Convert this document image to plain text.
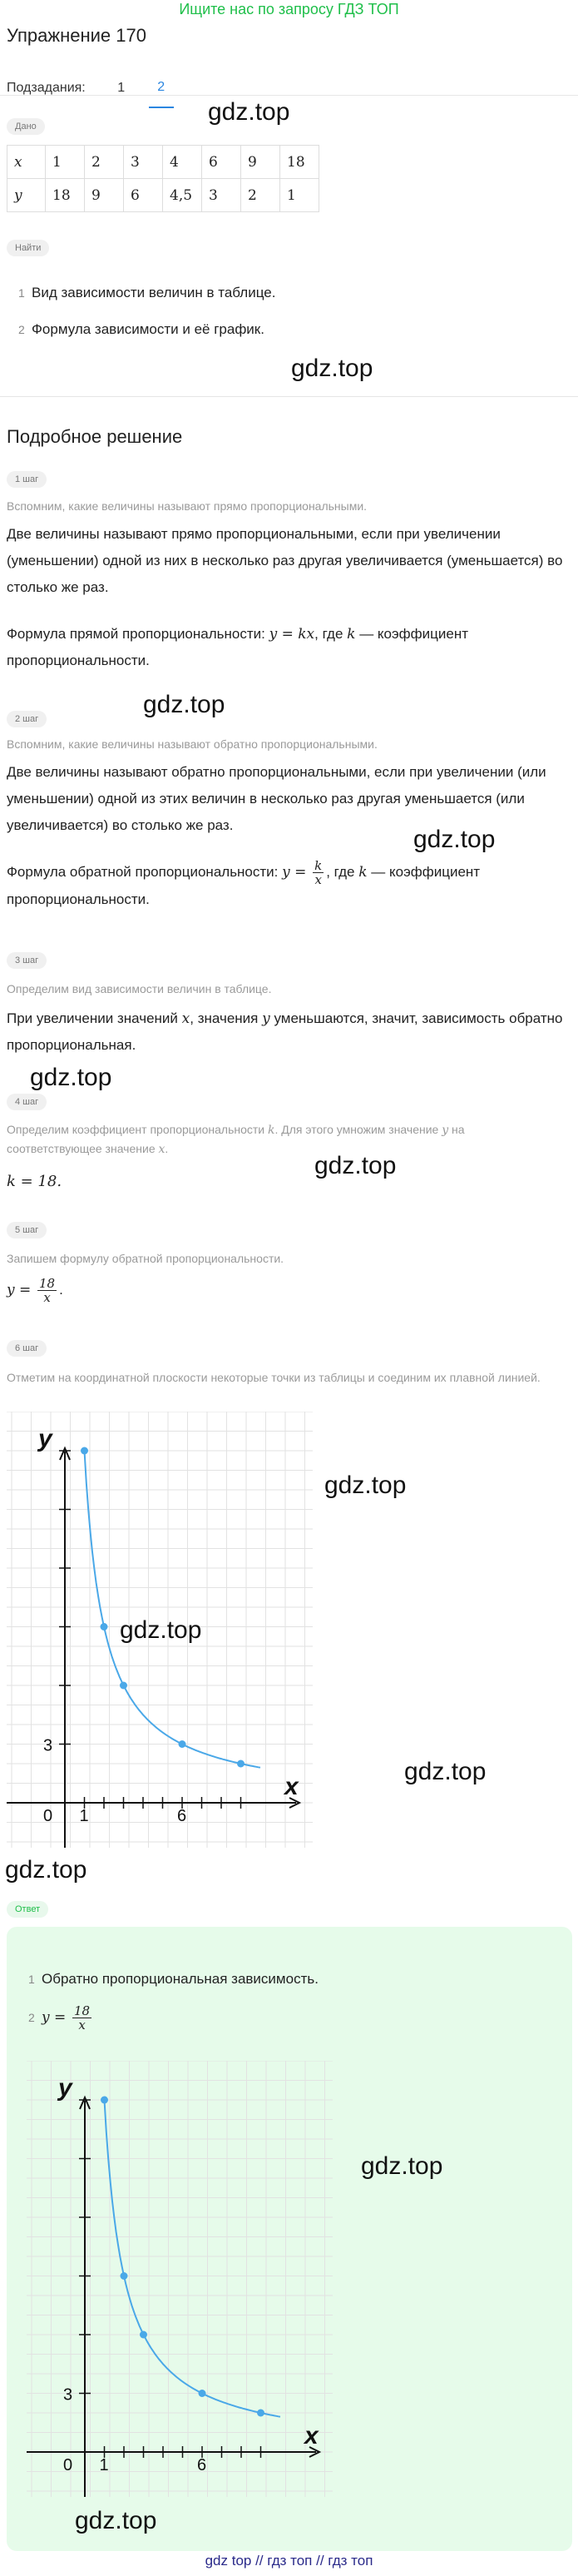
Ищите нас по запросу ГДЗ ТОП
Упражнение 170
Подзадания:	1	2
gdz.top
Дано
x	1	2	3	4	6	9	18
y	18	9	6	4,5	3	2	1
Найти
1 Вид зависимости величин в таблице.
2 Формула зависимости и её график.
gdz.top
Подробное решение
1 шаг
Вспомним, какие величины называют прямо пропорциональными.
Две величины называют прямо пропорциональными, если при увеличении (уменьшении) одной из них в несколько раз другая увеличивается (уменьшается) во столько же раз.
Формула прямой пропорциональности: y = kx, где k — коэффициент пропорциональности.
gdz.top
2 шаг
Вспомним, какие величины называют обратно пропорциональными.
Две величины называют обратно пропорциональными, если при увеличении (или уменьшении) одной из этих величин в несколько раз другая уменьшается (или увеличивается) во столько же раз.
gdz.top
Формула обратной пропорциональности: $y = \frac{k}{x}$ , где k — коэффициент пропорциональности.
3 шаг
Определим вид зависимости величин в таблице.
При увеличении значений x, значения y уменьшаются, значит, зависимость обратно пропорциональная.
gdz.top
4 шаг
Определим коэффициент пропорциональности k. Для этого умножим значение y на соответствующее значение x.
gdz.top
k = 18.
5 шаг
Запишем формулу обратной пропорциональности.
$y = \frac{18}{x}$ .
6 шаг
Отметим на координатной плоскости некоторые точки из таблицы и соединим их плавной линией.
0 1	6
3
x
y
gdz.top
gdz.top
gdz.top
gdz.top
Ответ
1 Обратно пропорциональная зависимость.
2 $y = \frac{18}{x}$
0 1	6
3
x
y
gdz.top
gdz.top
gdz top // гдз топ // гдз топ
